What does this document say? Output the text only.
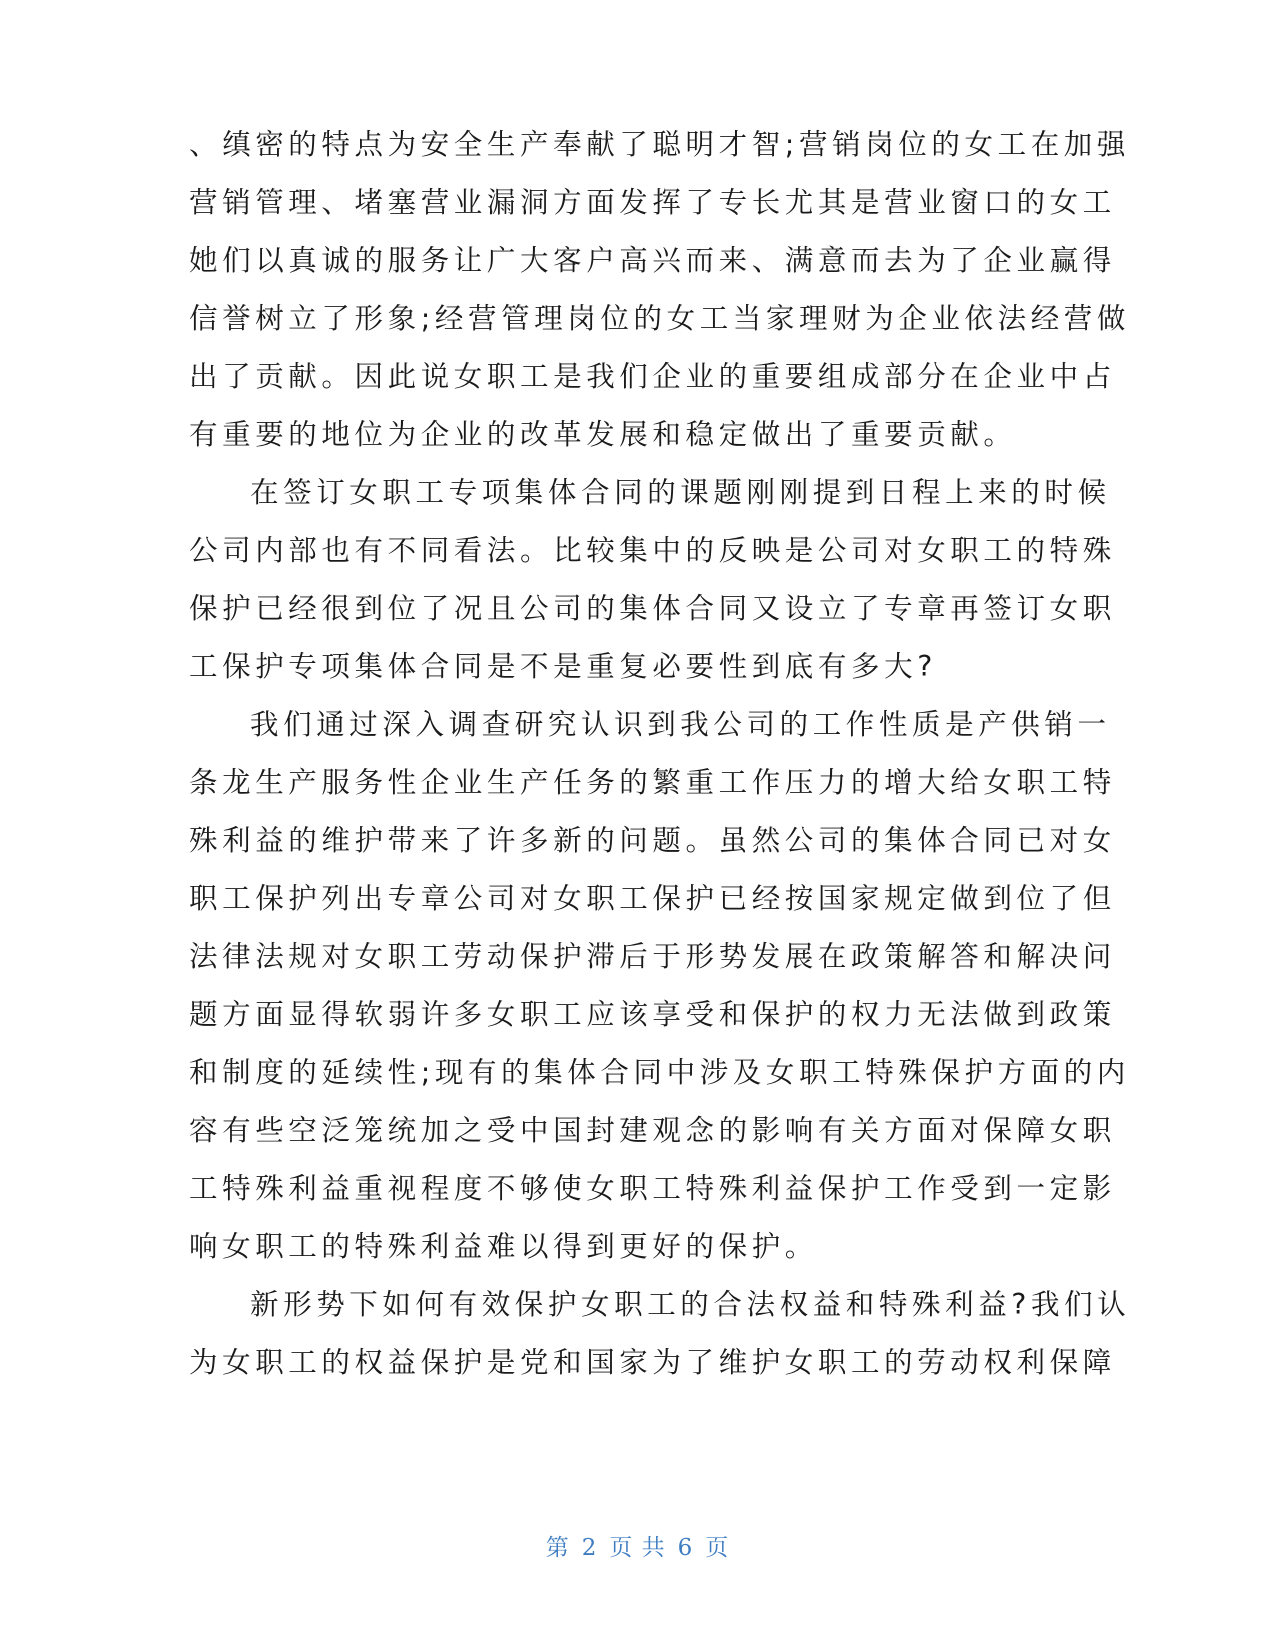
、缜密的特点为安全生产奉献了聪明才智;营销岗位的女工在加强
营销管理、堵塞营业漏洞方面发挥了专长尤其是营业窗口的女工
她们以真诚的服务让广大客户高兴而来、满意而去为了企业赢得
信誉树立了形象;经营管理岗位的女工当家理财为企业依法经营做
出了贡献。因此说女职工是我们企业的重要组成部分在企业中占
有重要的地位为企业的改革发展和稳定做出了重要贡献。
在签订女职工专项集体合同的课题刚刚提到日程上来的时候
公司内部也有不同看法。比较集中的反映是公司对女职工的特殊
保护已经很到位了况且公司的集体合同又设立了专章再签订女职
工保护专项集体合同是不是重复必要性到底有多大?
我们通过深入调查研究认识到我公司的工作性质是产供销一
条龙生产服务性企业生产任务的繁重工作压力的增大给女职工特
殊利益的维护带来了许多新的问题。虽然公司的集体合同已对女
职工保护列出专章公司对女职工保护已经按国家规定做到位了但
法律法规对女职工劳动保护滞后于形势发展在政策解答和解决问
题方面显得软弱许多女职工应该享受和保护的权力无法做到政策
和制度的延续性;现有的集体合同中涉及女职工特殊保护方面的内
容有些空泛笼统加之受中国封建观念的影响有关方面对保障女职
工特殊利益重视程度不够使女职工特殊利益保护工作受到一定影
响女职工的特殊利益难以得到更好的保护。
新形势下如何有效保护女职工的合法权益和特殊利益?我们认
为女职工的权益保护是党和国家为了维护女职工的劳动权利保障
第 2 页 共 6 页
